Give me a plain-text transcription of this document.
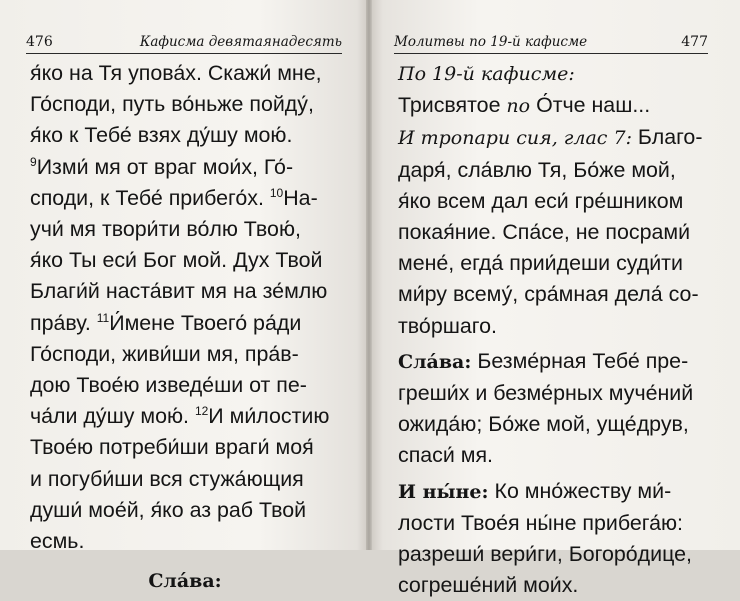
476	Кафисма девятаянадесять
я́ко на Тя упова́х. Скажи́ мне,
Го́споди, путь во́ньже пойду́,
я́ко к Тебе́ взях ду́шу мою́.
$^9$Изми́ мя от враг мои́х, Го́-
споди, к Тебе́ прибего́х. $^{10}$На-
учи́ мя твори́ти во́лю Твою́,
я́ко Ты еси́ Бог мой. Дух Твой
Благи́й наста́вит мя на зе́млю
пра́ву. $^{11}$И́мене Твоего́ ра́ди
Го́споди, живи́ши мя, пра́в-
дою Твое́ю изведе́ши от пе-
ча́ли ду́шу мою́. $^{12}$И ми́лостию
Твое́ю потреби́ши враги́ моя́
и погуби́ши вся стужа́ющия
души́ мое́й, я́ко аз раб Твой
есмь.
Сла́ва:
Молитвы по 19-й кафисме	477
По 19-й кафисме:
Трисвятое по О́тче наш...
И тропари сия, глас 7: Благо-
даря́, сла́влю Тя, Бо́же мой,
я́ко всем дал еси́ гре́шником
покая́ние. Спа́се, не посрами́
мене́, егда́ прии́деши суди́ти
ми́ру всему́, сра́мная дела́ со-
тво́ршаго.
Сла́ва: Безме́рная Тебе́ пре-
греши́х и безме́рных муче́ний
ожида́ю; Бо́же мой, уще́друв,
спаси́ мя.
И ны́не: Ко мно́жеству ми́-
лости Твое́я ны́не прибега́ю:
разреши́ вери́ги, Богоро́дице,
согреше́ний мои́х.
